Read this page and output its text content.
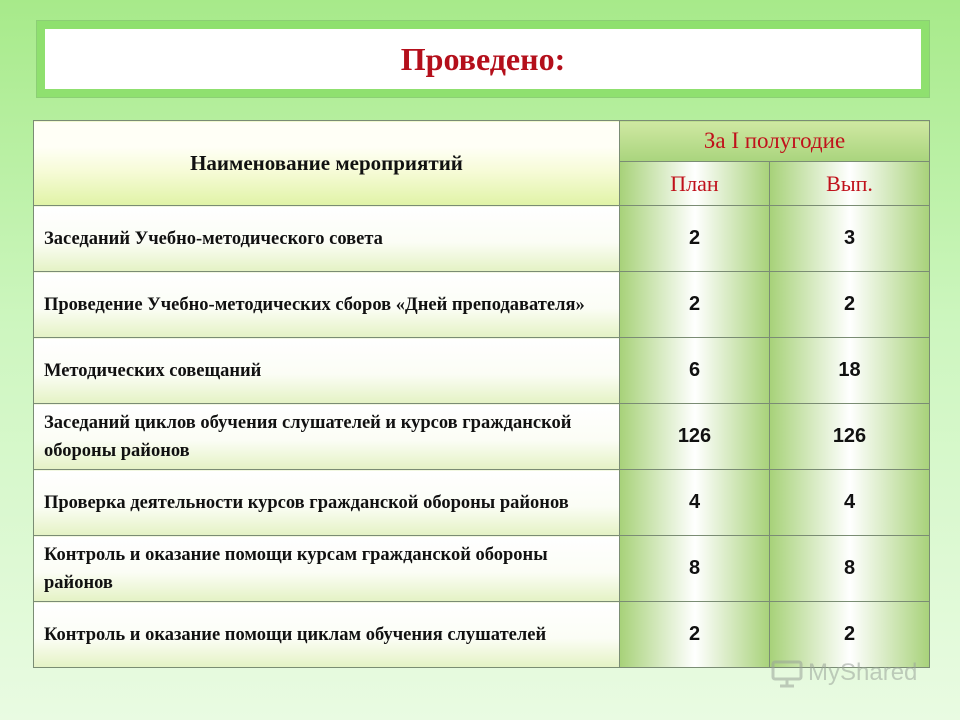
Проведено:
Наименование мероприятий	За I полугодие	
	План	Вып.
Заседаний Учебно-методического совета	2	3
Проведение Учебно-методических сборов «Дней преподавателя»	2	2
Методических совещаний	6	18
Заседаний циклов обучения слушателей и курсов гражданской обороны районов	126	126
Проверка деятельности курсов гражданской обороны районов	4	4
Контроль и оказание помощи курсам гражданской обороны районов	8	8
Контроль и оказание помощи циклам обучения слушателей	2	2
MyShared
